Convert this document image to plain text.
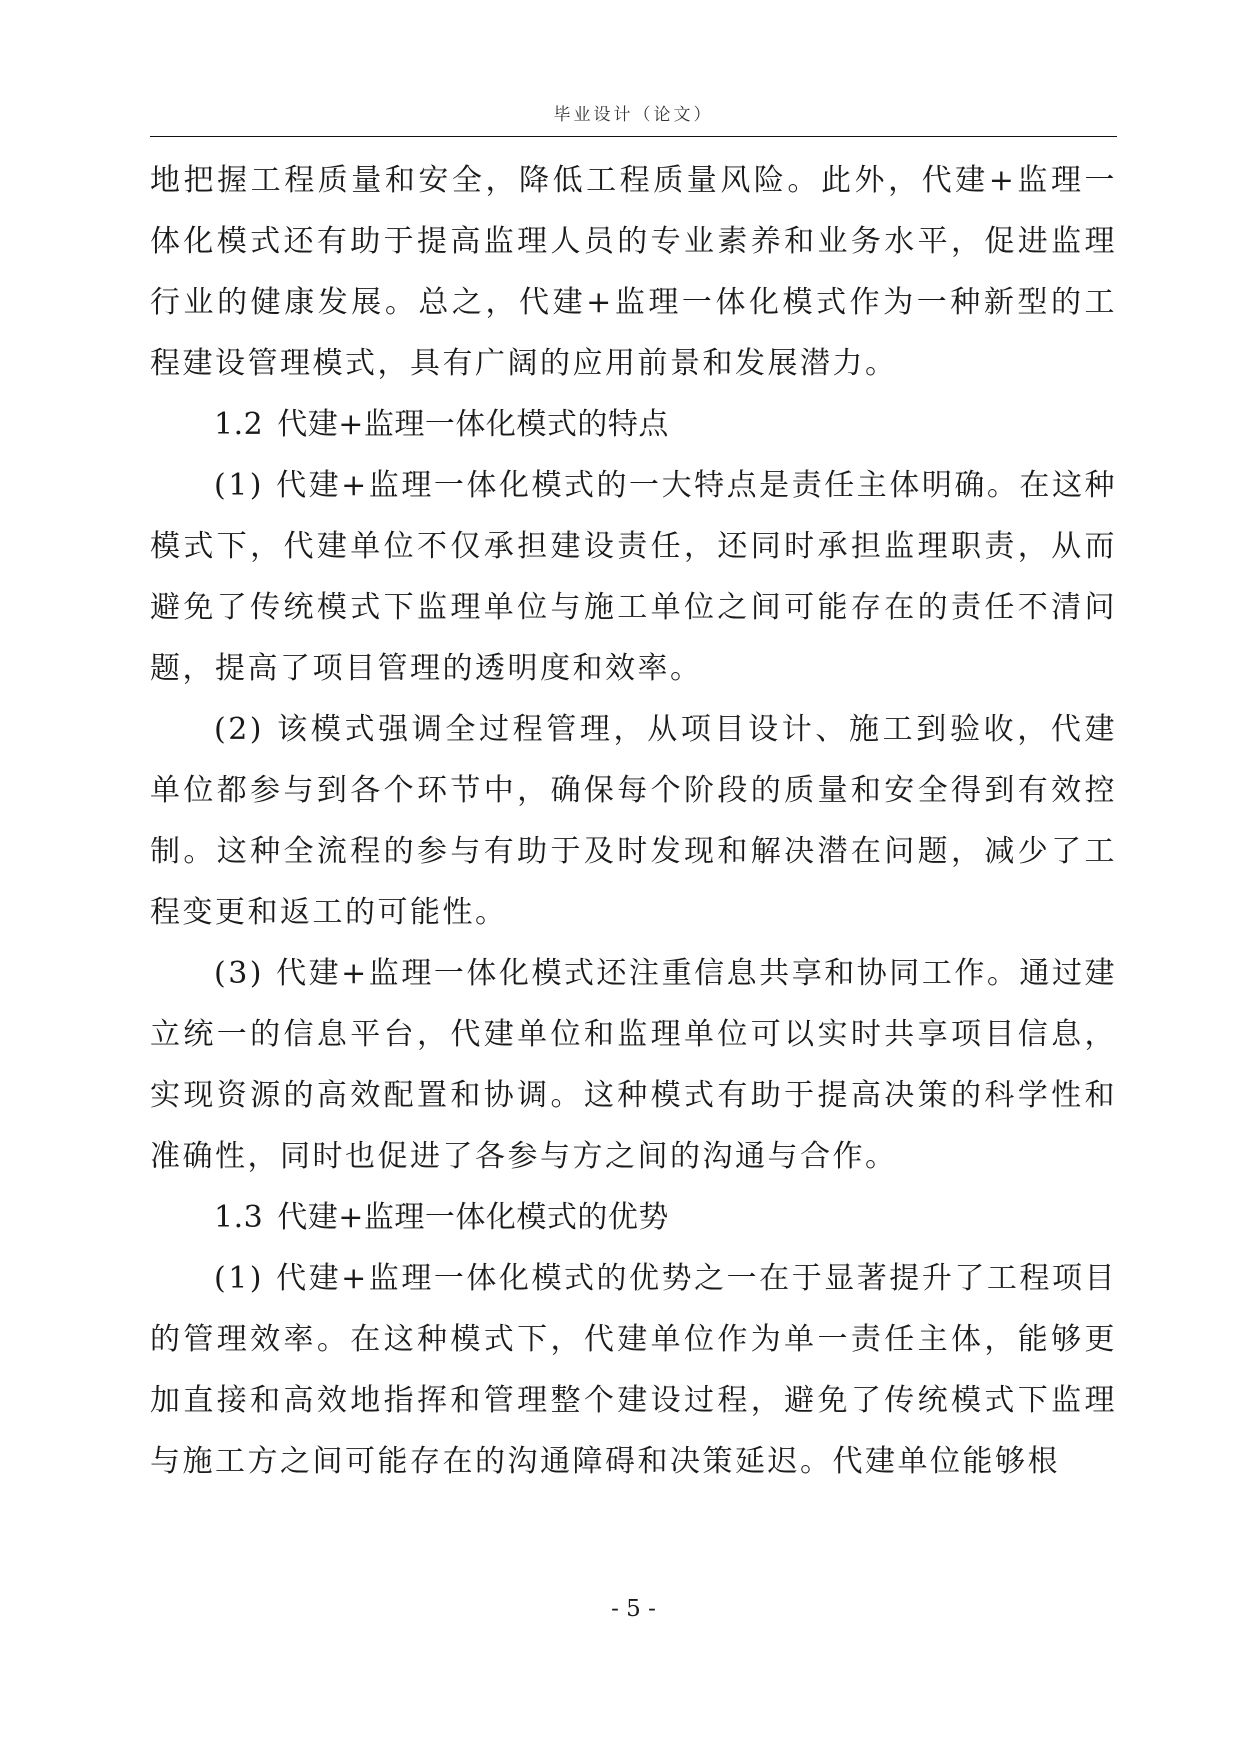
毕业设计（论文）

地把握工程质量和安全，降低工程质量风险。此外，代建+监理一体化模式还有助于提高监理人员的专业素养和业务水平，促进监理行业的健康发展。总之，代建+监理一体化模式作为一种新型的工程建设管理模式，具有广阔的应用前景和发展潜力。

1.2 代建+监理一体化模式的特点

(1) 代建+监理一体化模式的一大特点是责任主体明确。在这种模式下，代建单位不仅承担建设责任，还同时承担监理职责，从而避免了传统模式下监理单位与施工单位之间可能存在的责任不清问题，提高了项目管理的透明度和效率。

(2) 该模式强调全过程管理，从项目设计、施工到验收，代建单位都参与到各个环节中，确保每个阶段的质量和安全得到有效控制。这种全流程的参与有助于及时发现和解决潜在问题，减少了工程变更和返工的可能性。

(3) 代建+监理一体化模式还注重信息共享和协同工作。通过建立统一的信息平台，代建单位和监理单位可以实时共享项目信息，实现资源的高效配置和协调。这种模式有助于提高决策的科学性和准确性，同时也促进了各参与方之间的沟通与合作。

1.3 代建+监理一体化模式的优势

(1) 代建+监理一体化模式的优势之一在于显著提升了工程项目的管理效率。在这种模式下，代建单位作为单一责任主体，能够更加直接和高效地指挥和管理整个建设过程，避免了传统模式下监理与施工方之间可能存在的沟通障碍和决策延迟。代建单位能够根

- 5 -
